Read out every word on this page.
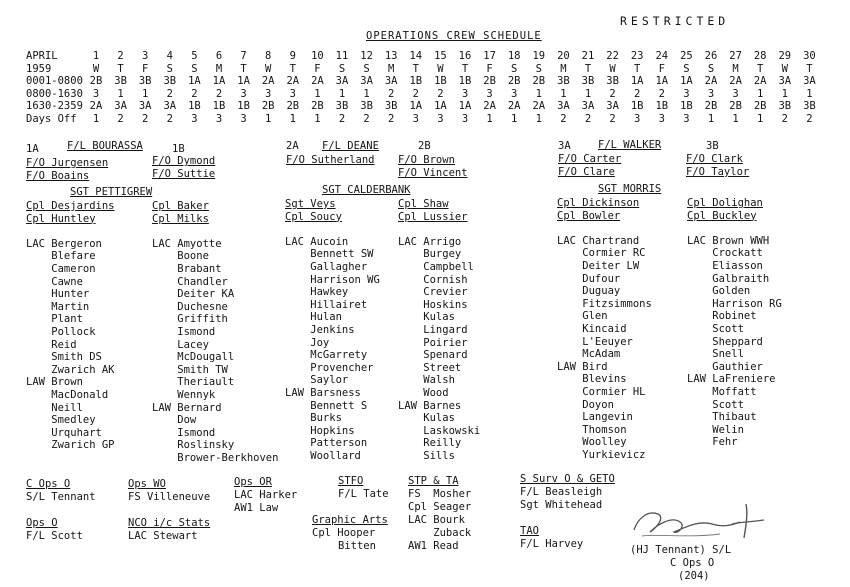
RESTRICTED
OPERATIONS CREW SCHEDULE
APRIL	1	2	3	4	5	6	7	8	9	10	11	12	13	14	15	16	17	18	19	20	21	22	23	24	25	26	27	28	29	30
1959	W	T	F	S	S	M	T	W	T	F	S	S	M	T	W	T	F	S	S	M	T	W	T	F	S	S	M	T	W	T
0001-0800 2B	3B	3B	3B	1A	1A	1A	2A	2A	2A	3A	3A	3A	1B	1B	1B	2B	2B	2B	3B	3B	3B	1A	1A	1A	2A	2A	2A	3A	3A
0800-1630 3	1	1	2	2	2	3	3	3	1	1	1	2	2	2	3	3	3	1	1	1	2	2	2	3	3	3	1	1	1
1630-2359 2A	3A	3A	3A	1B	1B	1B	2B	2B	2B	3B	3B	3B	1A	1A	1A	2A	2A	2A	3A	3A	3A	1B	1B	1B	2B	2B	2B	3B	3B
Days Off	1	2	2	2	3	3	3	1	1	1	2	2	2	3	3	3	1	1	1	2	2	2	3	3	3	1	1	1	2	2
1A	F/L BOURASSA	1B
F/O Jurgensen
F/O Boains
F/O Dymond
F/O Suttie
2A F/L DEANE	2B
F/O Sutherland F/O Brown
F/O Vincent
3A	F/L WALKER	3B
F/O Carter
F/O Clare
F/O Clark
F/O Taylor
SGT PETTIGREW	SGT CALDERBANK	SGT MORRIS
Cpl Desjardins
Cpl Huntley

LAC Bergeron
Blefare
Cameron
Cawne
Hunter
Martin
Plant
Pollock
Reid
Smith DS
Zwarich AK
LAW Brown
MacDonald
Neill
Smedley
Urquhart
Zwarich GP
Cpl Baker
Cpl Milks

LAC Amyotte
Boone
Brabant
Chandler
Deiter KA
Duchesne
Griffith
Ismond
Lacey
McDougall
Smith TW
Theriault
Wennyk
LAW Bernard
Dow
Ismond
Roslinsky
Brower-Berkhoven
Sgt Veys
Cpl Soucy

LAC Aucoin
Bennett SW
Gallagher
Harrison WG
Hawkey
Hillairet
Hulan
Jenkins
Joy
McGarrety
Provencher
Saylor
LAW Barsness
Bennett S
Burks
Hopkins
Patterson
Woollard
Cpl Shaw
Cpl Lussier

LAC Arrigo
Burgey
Campbell
Cornish
Crevier
Hoskins
Kulas
Lingard
Poirier
Spenard
Street
Walsh
Wood
LAW Barnes
Kulas
Laskowski
Reilly
Sills
Cpl Dickinson
Cpl Bowler

LAC Chartrand
Cormier RC
Deiter LW
Dufour
Duguay
Fitzsimmons
Glen
Kincaid
L'Eeuyer
McAdam
LAW Bird
Blevins
Cormier HL
Doyon
Langevin
Thomson
Woolley
Yurkievicz
Cpl Dolighan
Cpl Buckley

LAC Brown WWH
Crockatt
Eliasson
Galbraith
Golden
Harrison RG
Robinet
Scott
Sheppard
Snell
Gauthier
LAW LaFreniere
Moffatt
Scott
Thibaut
Welin
Fehr
C Ops O
S/L Tennant
Ops O
F/L Scott
Ops WO
FS Villeneuve
NCO i/c Stats
LAC Stewart
Ops OR
LAC Harker
AW1 Law
STFO
F/L Tate
Graphic Arts
Cpl Hooper
Bitten
STP & TA
FS  Mosher
Cpl Seager
LAC Bourk
Zuback
AW1 Read
S Surv O & GETO
F/L Beasleigh
Sgt Whitehead
TAO
F/L Harvey	(HJ Tennant) S/L
C Ops O
(204)
